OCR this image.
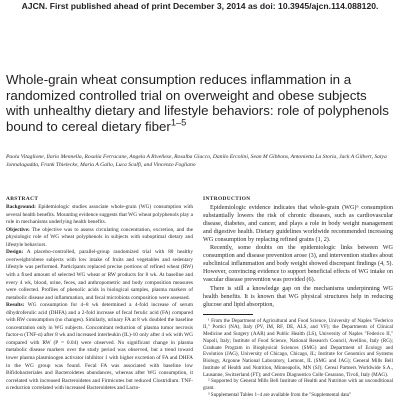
AJCN. First published ahead of print December 3, 2014 as doi: 10.3945/ajcn.114.088120.
Whole-grain wheat consumption reduces inflammation in a randomized controlled trial on overweight and obese subjects with unhealthy dietary and lifestyle behaviors: role of polyphenols bound to cereal dietary fiber$^{1-5}$

Paola Vitaglione, Ilario Mennella, Rosalia Ferracane, Angela A Rivellese, Rosalba Giacco, Danilo Ercolini, Sean M Gibbons, Antonietta La Storia, Jack A Gilbert, Satya Jonnalagadda, Frank Thielecke, Maria A Gallo, Luca Scalfi, and Vincenzo Fogliano

ABSTRACT

Background: Epidemiologic studies associate whole-grain (WG) consumption with several health benefits. Mounting evidence suggests that WG wheat polyphenols play a role in mechanisms underlying health benefits.

Objective: The objective was to assess circulating concentration, excretion, and the physiologic role of WG wheat polyphenols in subjects with suboptimal dietary and lifestyle behaviors.

Design: A placebo-controlled, parallel-group randomized trial with 80 healthy overweight/obese subjects with low intake of fruits and vegetables and sedentary lifestyle was performed. Participants replaced precise portions of refined wheat (RW) with a fixed amount of selected WG wheat or RW products for 8 wk. At baseline and every 4 wk, blood, urine, feces, and anthropometric and body composition measures were collected. Profiles of phenolic acids in biological samples, plasma markers of metabolic disease and inflammation, and fecal microbiota composition were assessed.

Results: WG consumption for 4–8 wk determined a 4-fold increase of serum dihydroferulic acid (DHFA) and a 2-fold increase of fecal ferulic acid (FA) compared with RW consumption (no changes). Similarly, urinary FA at 8 wk doubled the baseline concentration only in WG subjects. Concomitant reduction of plasma tumor necrosis factor-α (TNF-α) after 8 wk and increased interleukin (IL)-10 only after 4 wk with WG compared with RW (P = 0.04) were observed. No significant change in plasma metabolic disease markers over the study period was observed, but a trend toward lower plasma plasminogen activator inhibitor 1 with higher excretion of FA and DHFA in the WG group was found. Fecal FA was associated with baseline low Bifidobacteriales and Bacteroidetes abundances, whereas after WG consumption, it correlated with increased Bacteroidetes and Firmicutes but reduced Clostridium. TNF-α reduction correlated with increased Bacteroidetes and Lacto-

INTRODUCTION

Epidemiologic evidence indicates that whole-grain (WG)⁶ consumption substantially lowers the risk of chronic diseases, such as cardiovascular disease, diabetes, and cancer, and plays a role in body weight management and digestive health. Dietary guidelines worldwide recommended increasing WG consumption by replacing refined grains (1, 2).

Recently, some doubts on the epidemiologic links between WG consumption and disease prevention arose (3), and intervention studies about subclinical inflammation and body weight showed discrepant findings (4, 5). However, convincing evidence to support beneficial effects of WG intake on vascular disease prevention was provided (6).

There is still a knowledge gap on the mechanisms underpinning WG health benefits. It is known that WG physical structures help in reducing glucose and lipid absorption,

¹ From the Department of Agricultural and Food Science, University of Naples "Federico II," Portici (NA), Italy (PV, IM, RF, DE, ALS, and VF); the Departments of Clinical Medicine and Surgery (AAR) and Public Health (LS), University of Naples "Federico II," Napoli, Italy; Institute of Food Science, National Research Council, Avellino, Italy (RG); Graduate Program in Biophysical Sciences (SMG) and Department of Ecology and Evolution (JAG), University of Chicago, Chicago, IL; Institute for Genomics and Systems Biology, Argonne National Laboratory, Lemont, IL (SMG and JAG); General Mills Bell Institute of Health and Nutrition, Minneapolis, MN (SJ); Cereal Partners Worldwide S.A., Lausanne, Switzerland (FT); and Centro Diagnostico Colle Cesarano, Tivoli, Italy (MAG).

² Supported by General Mills Bell Institute of Health and Nutrition with an unconditional grant.

³ Supplemental Tables 1–4 are available from the "Supplemental data"
